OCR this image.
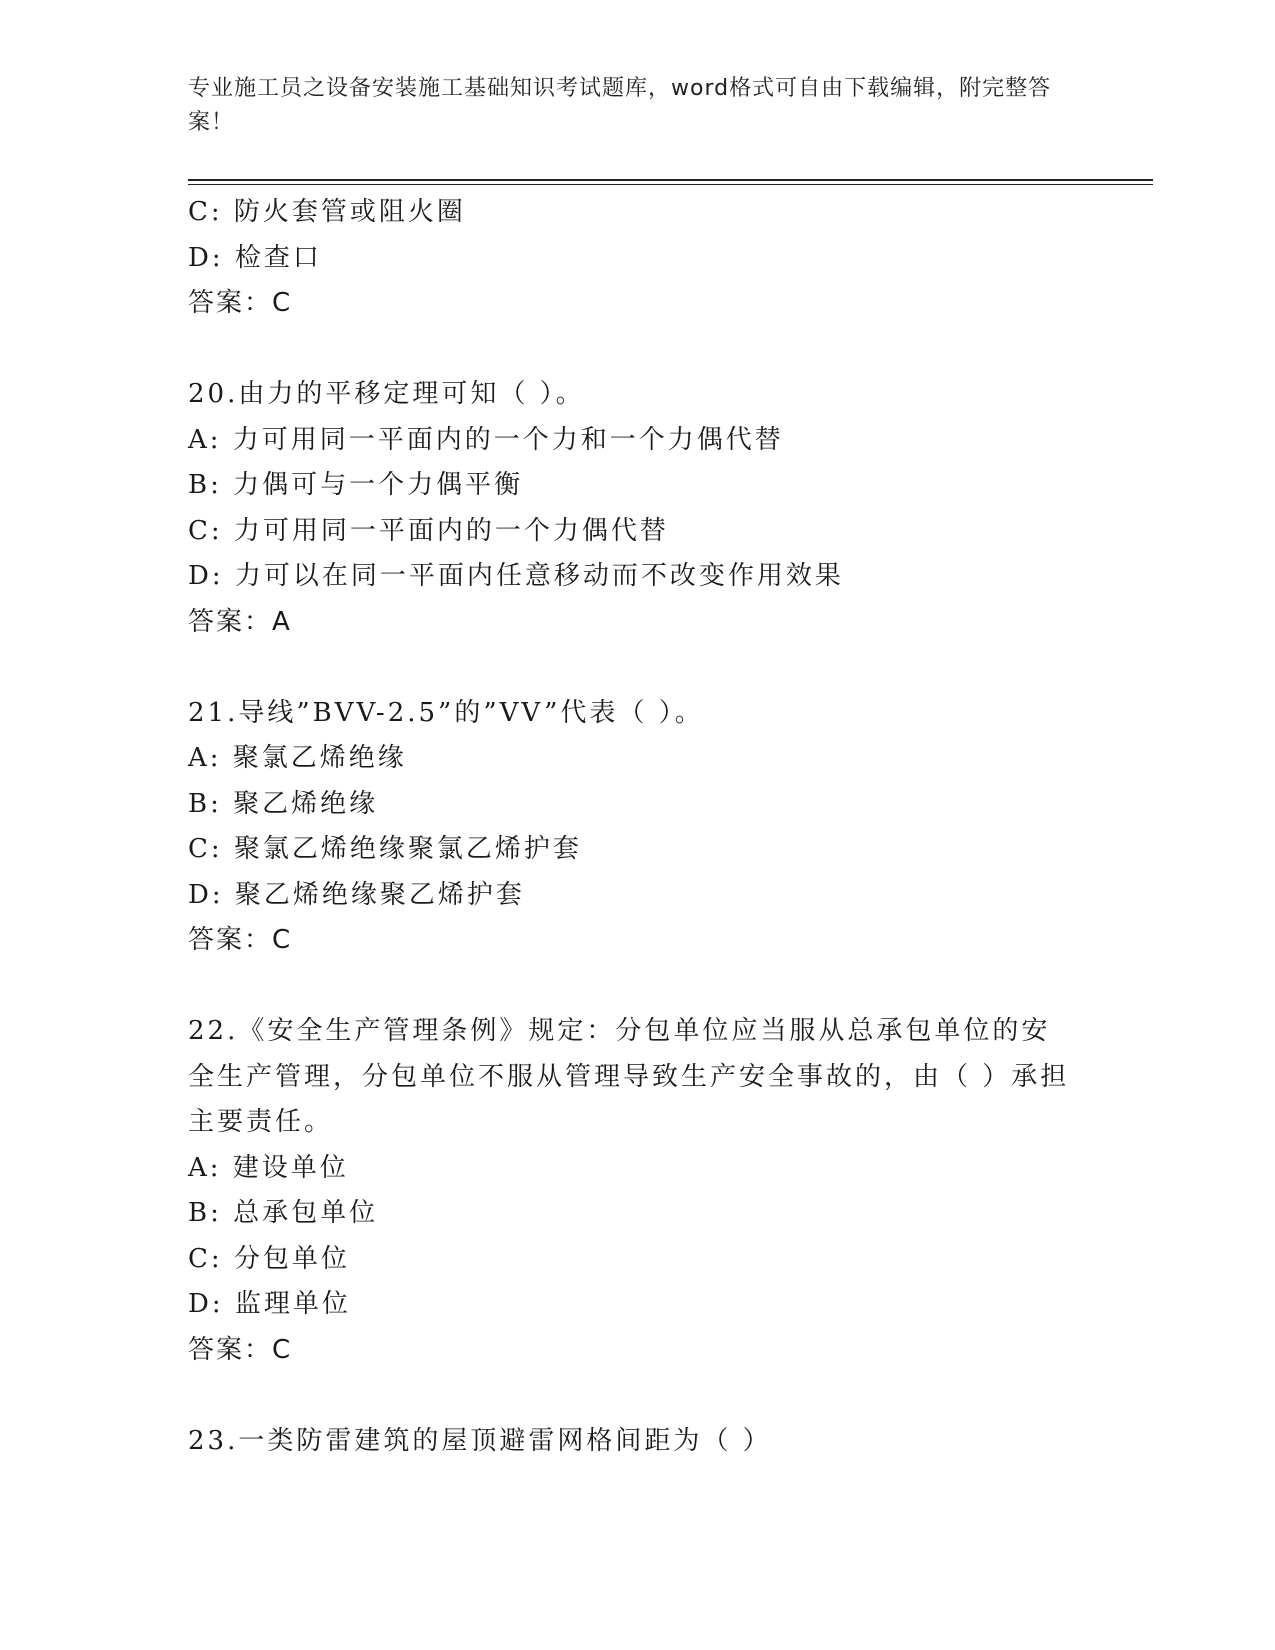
专业施工员之设备安装施工基础知识考试题库，word格式可自由下载编辑，附完整答案！
C: 防火套管或阻火圈
D: 检查口
答案：C
20.由力的平移定理可知（ ）。
A: 力可用同一平面内的一个力和一个力偶代替
B: 力偶可与一个力偶平衡
C: 力可用同一平面内的一个力偶代替
D: 力可以在同一平面内任意移动而不改变作用效果
答案：A
21.导线”BVV-2.5”的”VV”代表（ ）。
A: 聚氯乙烯绝缘
B: 聚乙烯绝缘
C: 聚氯乙烯绝缘聚氯乙烯护套
D: 聚乙烯绝缘聚乙烯护套
答案：C
22.《安全生产管理条例》规定：分包单位应当服从总承包单位的安全生产管理，分包单位不服从管理导致生产安全事故的，由（ ）承担主要责任。
A: 建设单位
B: 总承包单位
C: 分包单位
D: 监理单位
答案：C
23.一类防雷建筑的屋顶避雷网格间距为（ ）
